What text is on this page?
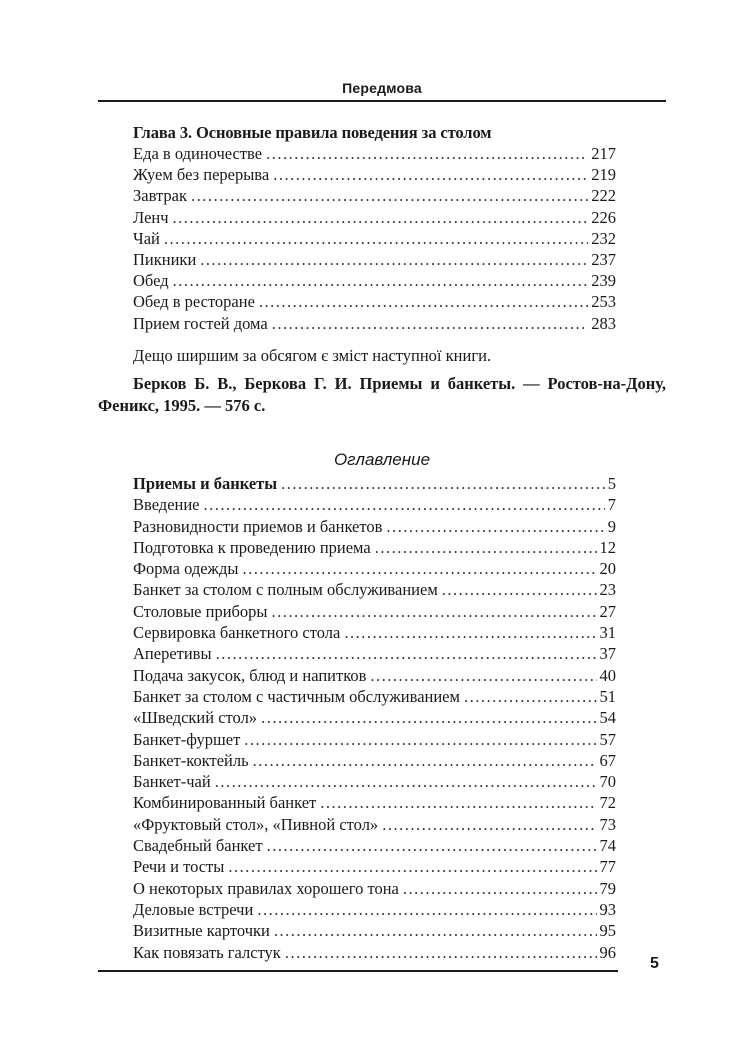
Передмова
Глава 3. Основные правила поведения за столом
Еда в одиночестве .....	217
Жуем без перерыва .....	219
Завтрак .....	222
Ленч .....	226
Чай .....	232
Пикники .....	237
Обед .....	239
Обед в ресторане .....	253
Прием гостей дома .....	283
Дещо ширшим за обсягом є зміст наступної книги.
Берков Б. В., Беркова Г. И. Приемы и банкеты. — Ростов-на-Дону, Феникс, 1995. — 576 с.
Оглавление
Приемы и банкеты .....	5
Введение .....	7
Разновидности приемов и банкетов .....	9
Подготовка к проведению приема .....	12
Форма одежды .....	20
Банкет за столом с полным обслуживанием .....	23
Столовые приборы .....	27
Сервировка банкетного стола .....	31
Аперетивы .....	37
Подача закусок, блюд и напитков .....	40
Банкет за столом с частичным обслуживанием .....	51
«Шведский стол» .....	54
Банкет-фуршет .....	57
Банкет-коктейль .....	67
Банкет-чай .....	70
Комбинированный банкет .....	72
«Фруктовый стол», «Пивной стол» .....	73
Свадебный банкет .....	74
Речи и тосты .....	77
О некоторых правилах хорошего тона .....	79
Деловые встречи .....	93
Визитные карточки .....	95
Как повязать галстук .....	96
5
